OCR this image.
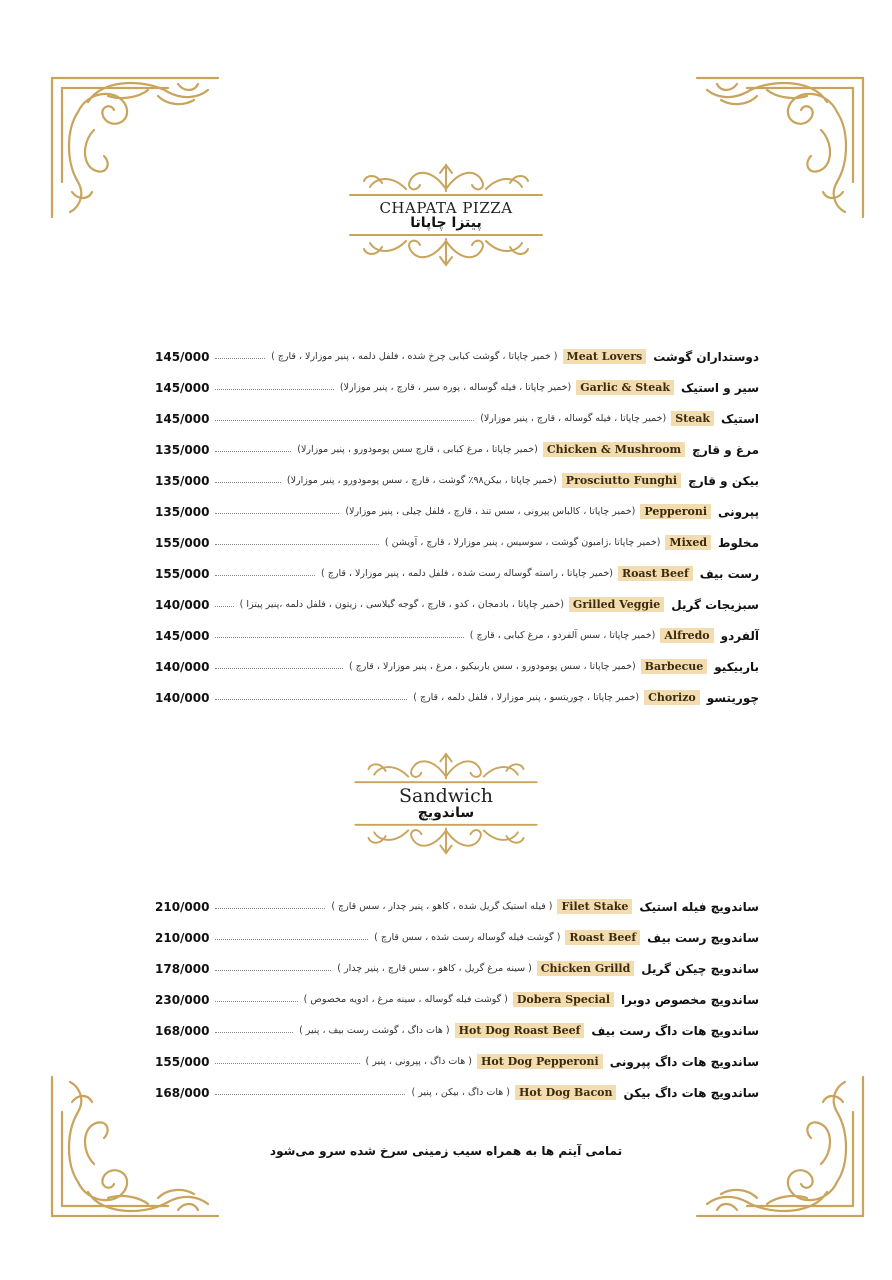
CHAPATA PIZZA
پیتزا چاپاتا
دوستداران گوشت
Meat Lovers
( خمیر چاپاتا ، گوشت کبابی چرخ شده ، فلفل دلمه ، پنیر موزارلا ، قارچ )
145/000
سیر و استیک
Garlic & Steak
(خمیر چاپاتا ، فیله گوساله ، پوره سیر ، قارچ ، پنیر موزارلا)
145/000
استیک
Steak
(خمیر چاپاتا ، فیله گوساله ، قارچ ، پنیر موزارلا)
145/000
مرغ و قارچ
Chicken & Mushroom
(خمیر چاپاتا ، مرغ کبابی ، قارچ سس پومودورو ، پنیر موزارلا)
135/000
بیکن و قارچ
Prosciutto Funghi
(خمیر چاپاتا ، بیکن۹۸٪ گوشت ، قارچ ، سس پومودورو ، پنیر موزارلا)
135/000
پپرونی
Pepperoni
(خمیر چاپاتا ، کالباس پپرونی ، سس تند ، قارچ ، فلفل چیلی ، پنیر موزارلا)
135/000
مخلوط
Mixed
(خمیر چاپاتا ،ژامبون گوشت ، سوسیس ، پنیر موزارلا ، قارچ ، آویشن )
155/000
رست بیف
Roast Beef
(خمیر چاپاتا ، راسته گوساله رست شده ، فلفل دلمه ، پنیر موزارلا ، قارچ )
155/000
سبزیجات گریل
Grilled Veggie
(خمیر چاپاتا ، بادمجان ، کدو ، قارچ ، گوجه گیلاسی ، زیتون ، فلفل دلمه ،پنیر پیتزا )
140/000
آلفردو
Alfredo
(خمیر چاپاتا ، سس آلفردو ، مرغ کبابی ، قارچ )
145/000
باربیکیو
Barbecue
(خمیر چاپاتا ، سس پومودورو ، سس باربیکیو ، مرغ ، پنیر موزارلا ، قارچ )
140/000
چوریتسو
Chorizo
(خمیر چاپاتا ، چوریتسو ، پنیر موزارلا ، فلفل دلمه ، قارچ )
140/000
Sandwich
ساندویچ
ساندویچ فیله استیک
Filet Stake
( فیله استیک گریل شده ، کاهو ، پنیر چدار ، سس قارچ )
210/000
ساندویچ رست بیف
Roast Beef
( گوشت فیله گوساله رست شده ، سس قارچ )
210/000
ساندویچ چیکن گریل
Chicken Grilld
( سینه مرغ گریل ، کاهو ، سس قارچ ، پنیر چدار )
178/000
ساندویچ مخصوص دوبرا
Dobera Special
( گوشت فیله گوساله ، سینه مرغ ، ادویه مخصوص )
230/000
ساندویچ هات داگ رست بیف
Hot Dog Roast Beef
( هات داگ ، گوشت رست بیف ، پنیر )
168/000
ساندویچ هات داگ پپرونی
Hot Dog Pepperoni
( هات داگ ، پپرونی ، پنیر )
155/000
ساندویچ هات داگ بیکن
Hot Dog Bacon
( هات داگ ، بیکن ، پنیر )
168/000
تمامی آیتم ها به همراه سیب زمینی سرخ شده سرو می‌شود
